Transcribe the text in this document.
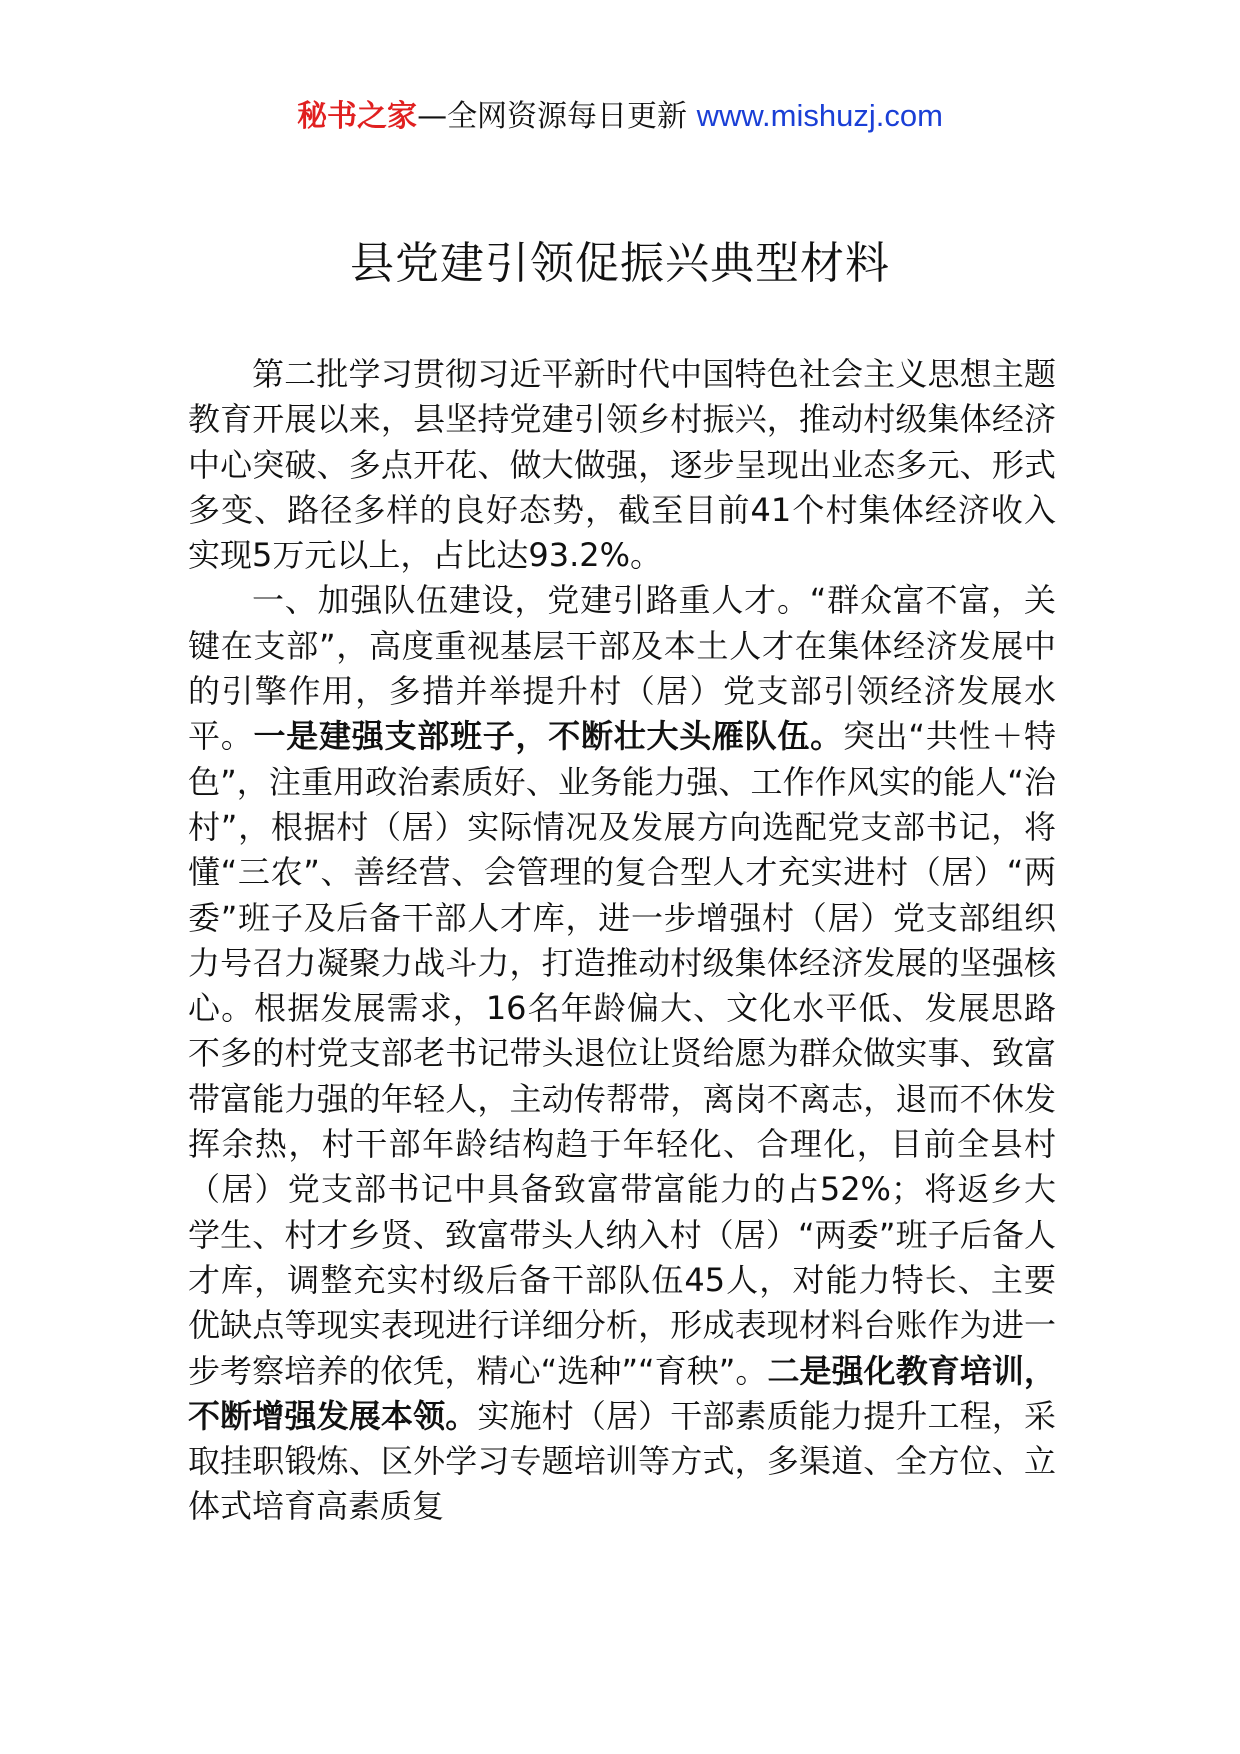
秘书之家—全网资源每日更新 www.mishuzj.com
县党建引领促振兴典型材料

第二批学习贯彻习近平新时代中国特色社会主义思想主题教育开展以来，县坚持党建引领乡村振兴，推动村级集体经济中心突破、多点开花、做大做强，逐步呈现出业态多元、形式多变、路径多样的良好态势，截至目前41个村集体经济收入实现5万元以上，占比达93.2%。

一、加强队伍建设，党建引路重人才。“群众富不富，关键在支部”，高度重视基层干部及本土人才在集体经济发展中的引擎作用，多措并举提升村（居）党支部引领经济发展水平。一是建强支部班子，不断壮大头雁队伍。突出“共性＋特色”，注重用政治素质好、业务能力强、工作作风实的能人“治村”，根据村（居）实际情况及发展方向选配党支部书记，将懂“三农”、善经营、会管理的复合型人才充实进村（居）“两委”班子及后备干部人才库，进一步增强村（居）党支部组织力号召力凝聚力战斗力，打造推动村级集体经济发展的坚强核心。根据发展需求，16名年龄偏大、文化水平低、发展思路不多的村党支部老书记带头退位让贤给愿为群众做实事、致富带富能力强的年轻人，主动传帮带，离岗不离志，退而不休发挥余热，村干部年龄结构趋于年轻化、合理化，目前全县村（居）党支部书记中具备致富带富能力的占52%；将返乡大学生、村才乡贤、致富带头人纳入村（居）“两委”班子后备人才库，调整充实村级后备干部队伍45人，对能力特长、主要优缺点等现实表现进行详细分析，形成表现材料台账作为进一步考察培养的依凭，精心“选种”“育秧”。二是强化教育培训，不断增强发展本领。实施村（居）干部素质能力提升工程，采取挂职锻炼、区外学习专题培训等方式，多渠道、全方位、立体式培育高素质复
